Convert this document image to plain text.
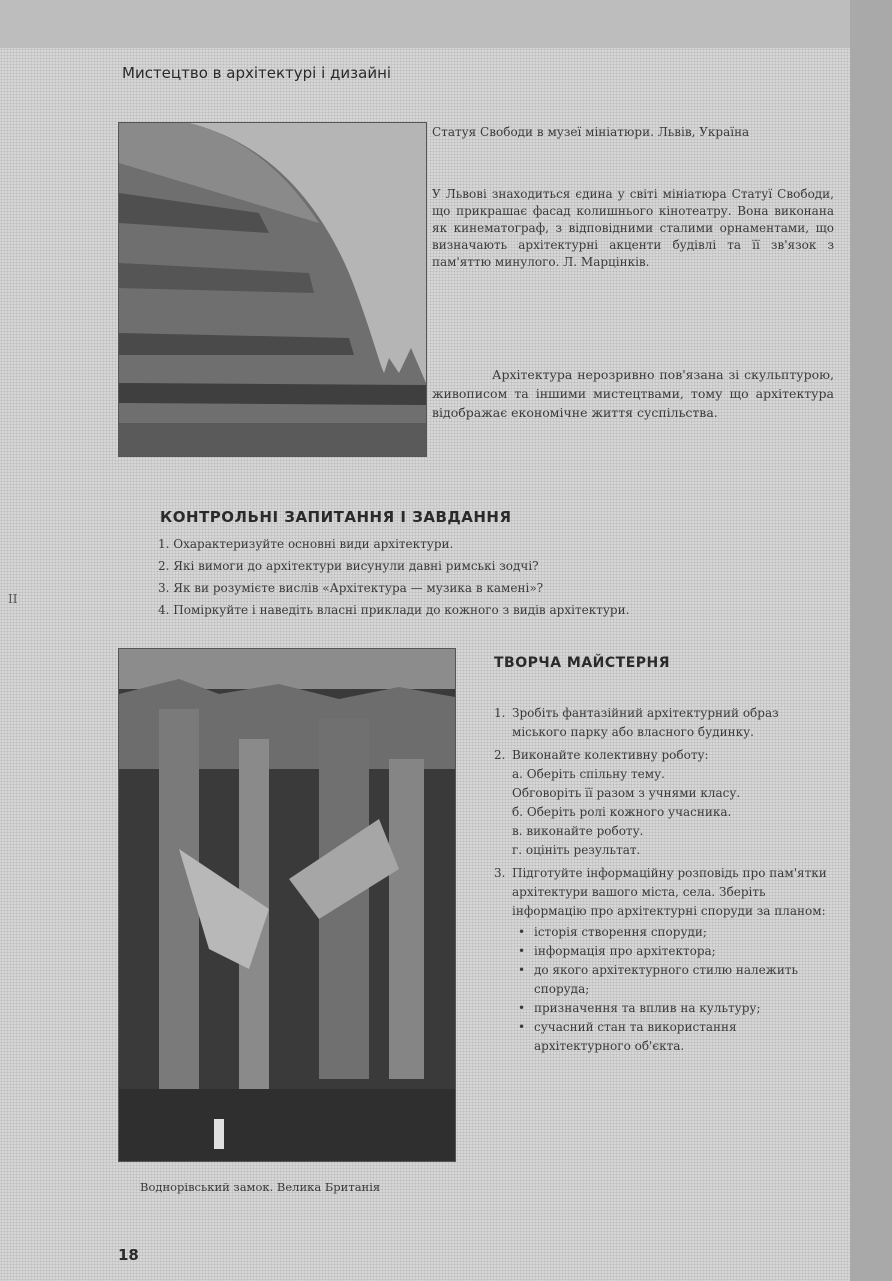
Мистецтво в архітектурі і дизайні
Статуя Свободи в музеї мініатюри. Львів, Україна
У Львові знаходиться єдина у світі мініатюра Статуї Свободи, що прикрашає фасад колишнього кінотеатру. Вона виконана як кинематограф, з відповідними сталими орнаментами, що визначають архітектурні акценти будівлі та її зв'язок з пам'яттю минулого. Л. Марцінків.
Архітектура нерозривно пов'язана зі скульптурою, живописом та іншими мистецтвами, тому що архітектура відображає економічне життя суспільства.
КОНТРОЛЬНІ ЗАПИТАННЯ І ЗАВДАННЯ
1. Охарактеризуйте основні види архітектури.
2. Які вимоги до архітектури висунули давні римські зодчі?
3. Як ви розумієте вислів «Архітектура — музика в камені»?
4. Поміркуйте і наведіть власні приклади до кожного з видів архітектури.
ІІ
ТВОРЧА МАЙСТЕРНЯ
1. Зробіть фантазійний архітектурний образ міського парку або власного будинку.
2. Виконайте колективну роботу:

а. Оберіть спільну тему.

Обговоріть її разом з учнями класу.

б. Оберіть ролі кожного учасника.

в. виконайте роботу.

г. оцініть результат.

3. Підготуйте інформаційну розповідь про пам'ятки архітектури вашого міста, села. Зберіть інформацію про архітектурні споруди за планом:
• історія створення споруди;
• інформація про архітектора;
• до якого архітектурного стилю належить споруда;
• призначення та вплив на культуру;
• сучасний стан та використання архітектурного об'єкта.
Воднорівський замок. Велика Британія
18
